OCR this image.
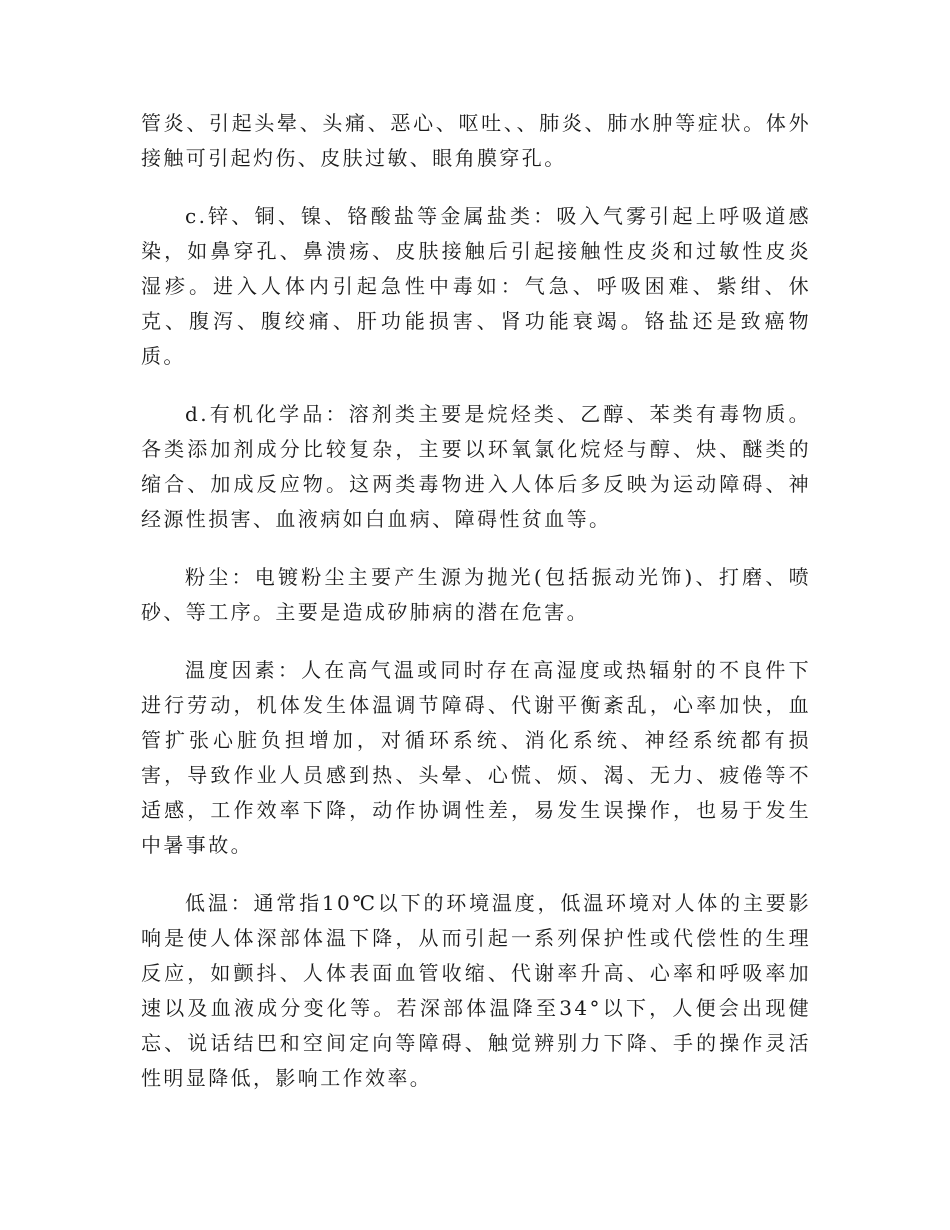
管炎、引起头晕、头痛、恶心、呕吐、、肺炎、肺水肿等症状。体外接触可引起灼伤、皮肤过敏、眼角膜穿孔。

c.锌、铜、镍、铬酸盐等金属盐类：吸入气雾引起上呼吸道感染，如鼻穿孔、鼻溃疡、皮肤接触后引起接触性皮炎和过敏性皮炎湿疹。进入人体内引起急性中毒如：气急、呼吸困难、紫绀、休克、腹泻、腹绞痛、肝功能损害、肾功能衰竭。铬盐还是致癌物质。

d.有机化学品：溶剂类主要是烷烃类、乙醇、苯类有毒物质。各类添加剂成分比较复杂，主要以环氧氯化烷烃与醇、炔、醚类的缩合、加成反应物。这两类毒物进入人体后多反映为运动障碍、神经源性损害、血液病如白血病、障碍性贫血等。

粉尘：电镀粉尘主要产生源为抛光(包括振动光饰)、打磨、喷砂、等工序。主要是造成矽肺病的潜在危害。

温度因素：人在高气温或同时存在高湿度或热辐射的不良件下进行劳动，机体发生体温调节障碍、代谢平衡紊乱，心率加快，血管扩张心脏负担增加，对循环系统、消化系统、神经系统都有损害，导致作业人员感到热、头晕、心慌、烦、渴、无力、疲倦等不适感，工作效率下降，动作协调性差，易发生误操作，也易于发生中暑事故。

低温：通常指10℃以下的环境温度，低温环境对人体的主要影响是使人体深部体温下降，从而引起一系列保护性或代偿性的生理反应，如颤抖、人体表面血管收缩、代谢率升高、心率和呼吸率加速以及血液成分变化等。若深部体温降至34°以下，人便会出现健忘、说话结巴和空间定向等障碍、触觉辨别力下降、手的操作灵活性明显降低，影响工作效率。
